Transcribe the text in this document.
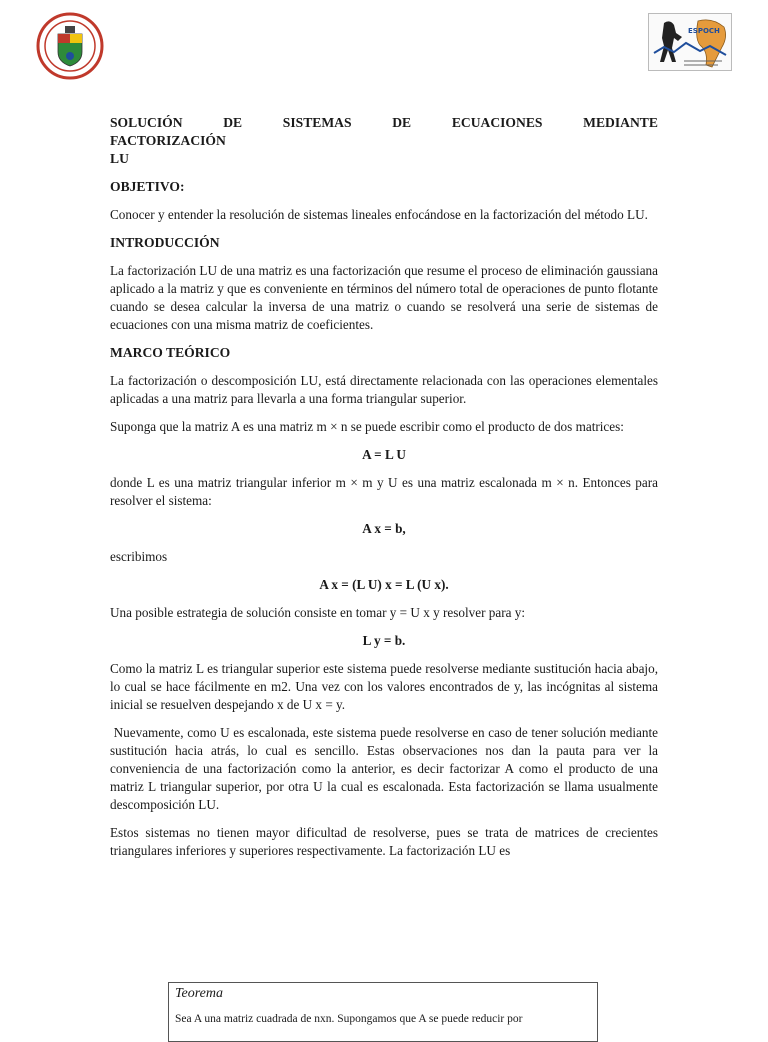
ESPOCH
SOLUCIÓN	DE	SISTEMAS	DE	ECUACIONES	MEDIANTE
FACTORIZACIÓN
LU
OBJETIVO:

Conocer y entender la resolución de sistemas lineales enfocándose en la factorización del método LU.

INTRODUCCIÓN

La factorización LU de una matriz es una factorización que resume el proceso de eliminación gaussiana aplicado a la matriz y que es conveniente en términos del número total de operaciones de punto flotante cuando se desea calcular la inversa de una matriz o cuando se resolverá una serie de sistemas de ecuaciones con una misma matriz de coeficientes.

MARCO TEÓRICO

La factorización o descomposición LU, está directamente relacionada con las operaciones elementales aplicadas a una matriz para llevarla a una forma triangular superior.

Suponga que la matriz A es una matriz m × n se puede escribir como el producto de dos matrices:

A = L U

donde L es una matriz triangular inferior m × m y U es una matriz escalonada m × n. Entonces para resolver el sistema:

A x = b,

escribimos

A x = (L U) x = L (U x).

Una posible estrategia de solución consiste en tomar y = U x y resolver para y:

L y = b.

Como la matriz L es triangular superior este sistema puede resolverse mediante sustitución hacia abajo, lo cual se hace fácilmente en m2. Una vez con los valores encontrados de y, las incógnitas al sistema inicial se resuelven despejando x de U x = y.

Nuevamente, como U es escalonada, este sistema puede resolverse en caso de tener solución mediante sustitución hacia atrás, lo cual es sencillo. Estas observaciones nos dan la pauta para ver la conveniencia de una factorización como la anterior, es decir factorizar A como el producto de una matriz L triangular superior, por otra U la cual es escalonada. Esta factorización se llama usualmente descomposición LU.

Estos sistemas no tienen mayor dificultad de resolverse, pues se trata de matrices de crecientes triangulares inferiores y superiores respectivamente. La factorización LU es

Teorema
Sea A una matriz cuadrada de nxn. Supongamos que A se puede reducir por
